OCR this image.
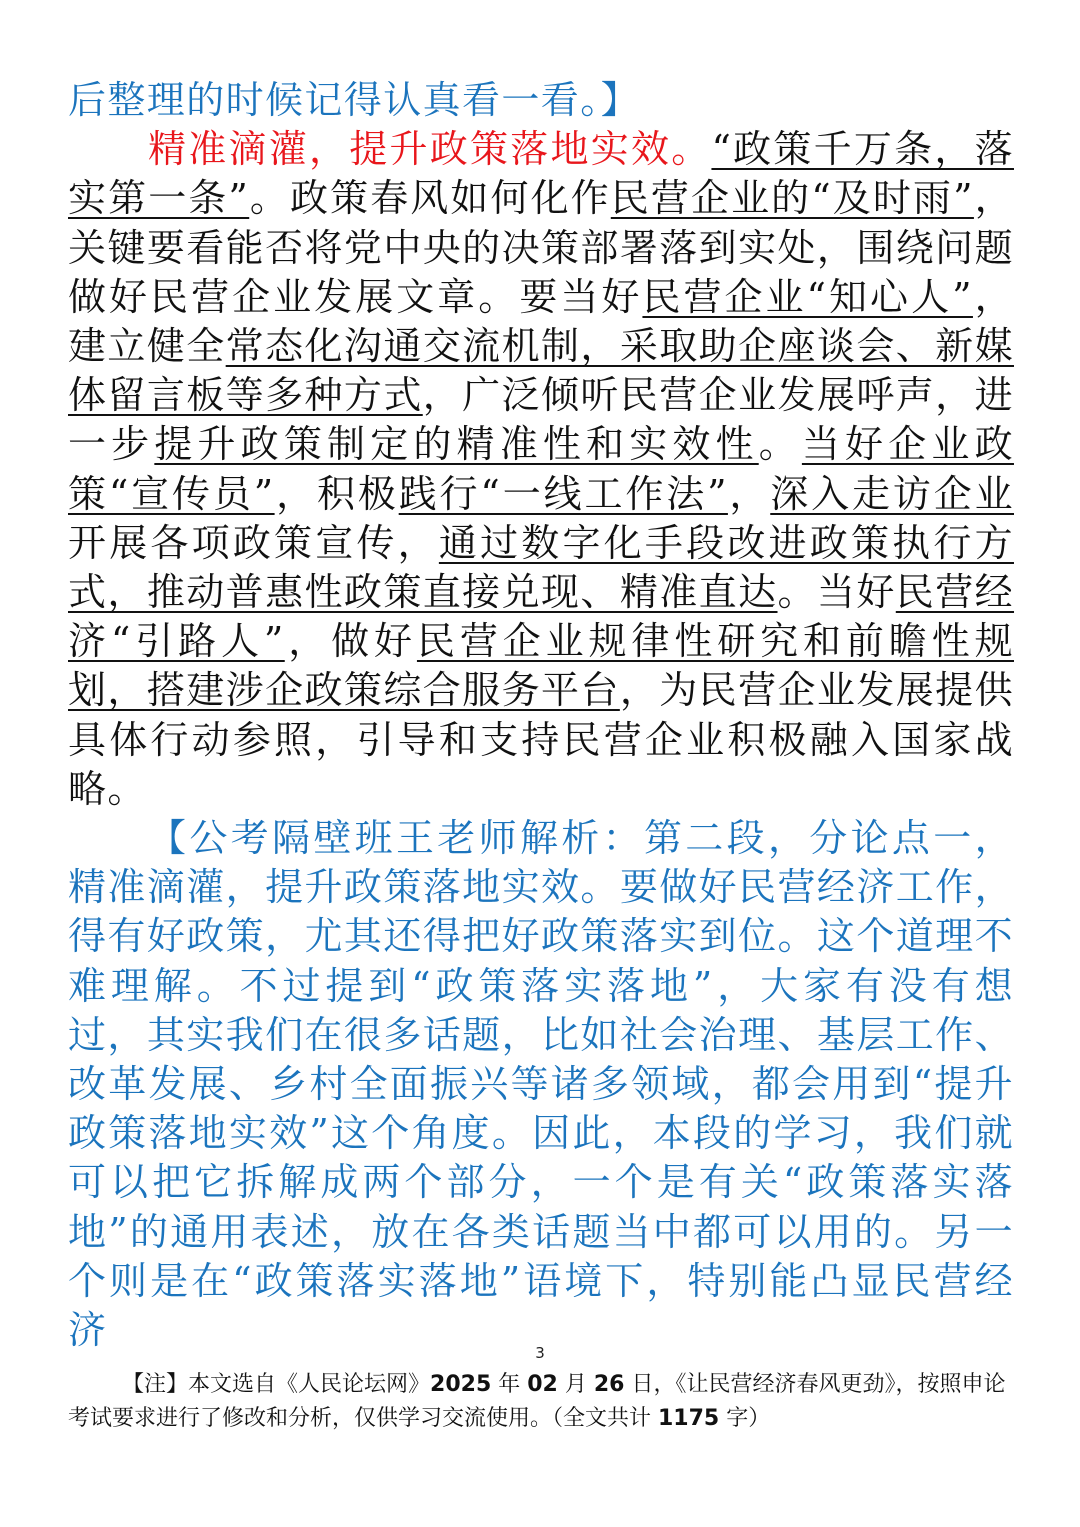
后整理的时候记得认真看一看。】

精准滴灌，提升政策落地实效。“政策千万条，落实第一条”。政策春风如何化作民营企业的“及时雨”，关键要看能否将党中央的决策部署落到实处，围绕问题做好民营企业发展文章。要当好民营企业“知心人”，建立健全常态化沟通交流机制，采取助企座谈会、新媒体留言板等多种方式，广泛倾听民营企业发展呼声，进一步提升政策制定的精准性和实效性。当好企业政策“宣传员”，积极践行“一线工作法”，深入走访企业开展各项政策宣传，通过数字化手段改进政策执行方式，推动普惠性政策直接兑现、精准直达。当好民营经济“引路人”，做好民营企业规律性研究和前瞻性规划，搭建涉企政策综合服务平台，为民营企业发展提供具体行动参照，引导和支持民营企业积极融入国家战略。

【公考隔壁班王老师解析：第二段，分论点一，精准滴灌，提升政策落地实效。要做好民营经济工作，得有好政策，尤其还得把好政策落实到位。这个道理不难理解。不过提到“政策落实落地”，大家有没有想过，其实我们在很多话题，比如社会治理、基层工作、改革发展、乡村全面振兴等诸多领域，都会用到“提升政策落地实效”这个角度。因此，本段的学习，我们就可以把它拆解成两个部分，一个是有关“政策落实落地”的通用表述，放在各类话题当中都可以用的。另一个则是在“政策落实落地”语境下，特别能凸显民营经济

3

【注】本文选自《人民论坛网》2025 年 02 月 26 日，《让民营经济春风更劲》，按照申论考试要求进行了修改和分析，仅供学习交流使用。（全文共计 1175 字）
